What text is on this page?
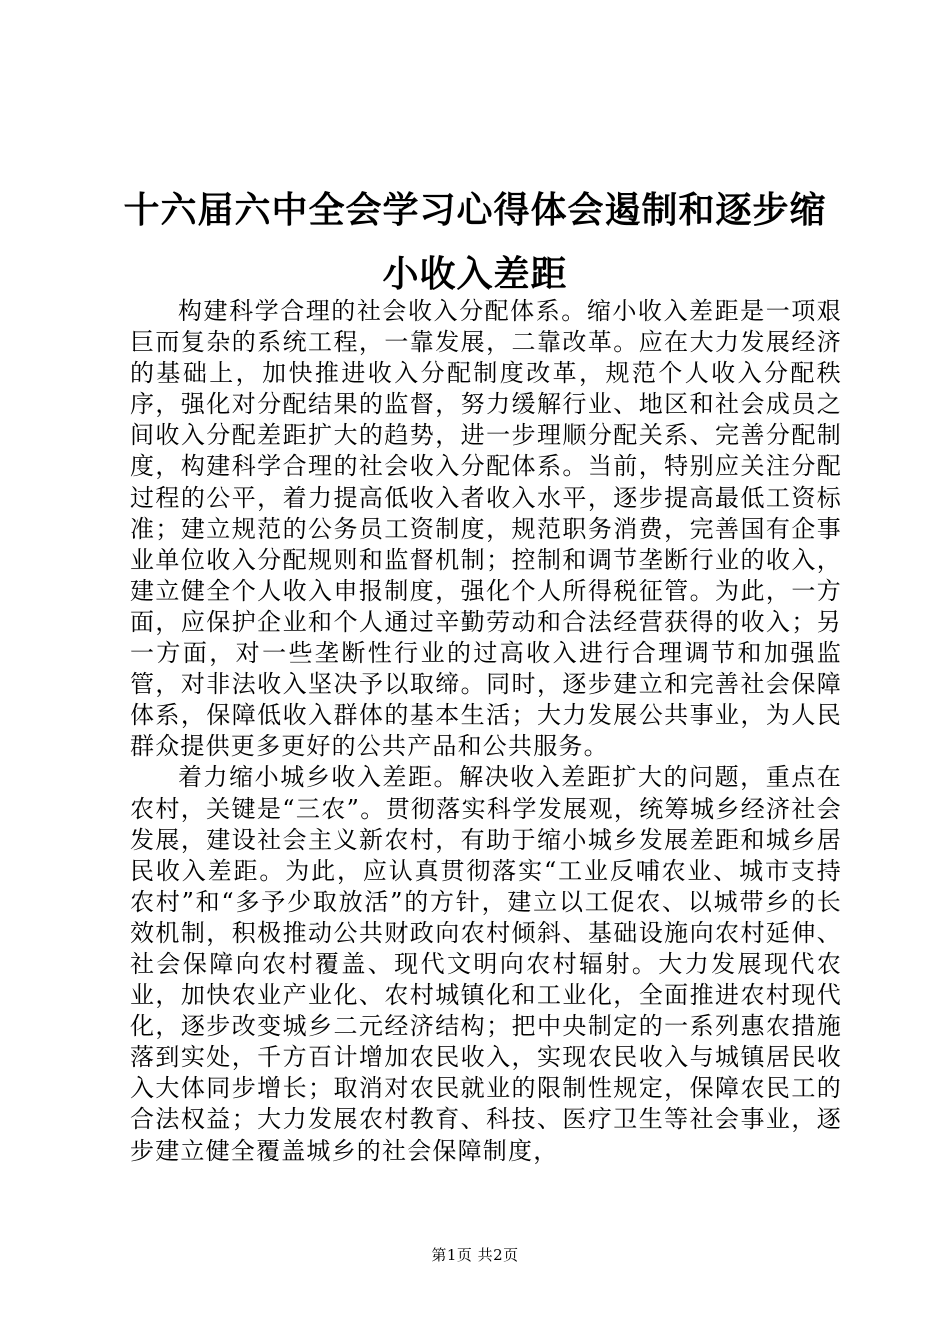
十六届六中全会学习心得体会遏制和逐步缩小收入差距

构建科学合理的社会收入分配体系。缩小收入差距是一项艰巨而复杂的系统工程，一靠发展，二靠改革。应在大力发展经济的基础上，加快推进收入分配制度改革，规范个人收入分配秩序，强化对分配结果的监督，努力缓解行业、地区和社会成员之间收入分配差距扩大的趋势，进一步理顺分配关系、完善分配制度，构建科学合理的社会收入分配体系。当前，特别应关注分配过程的公平，着力提高低收入者收入水平，逐步提高最低工资标准；建立规范的公务员工资制度，规范职务消费，完善国有企事业单位收入分配规则和监督机制；控制和调节垄断行业的收入，建立健全个人收入申报制度，强化个人所得税征管。为此，一方面，应保护企业和个人通过辛勤劳动和合法经营获得的收入；另一方面，对一些垄断性行业的过高收入进行合理调节和加强监管，对非法收入坚决予以取缔。同时，逐步建立和完善社会保障体系，保障低收入群体的基本生活；大力发展公共事业，为人民群众提供更多更好的公共产品和公共服务。

着力缩小城乡收入差距。解决收入差距扩大的问题，重点在农村，关键是“三农”。贯彻落实科学发展观，统筹城乡经济社会发展，建设社会主义新农村，有助于缩小城乡发展差距和城乡居民收入差距。为此，应认真贯彻落实“工业反哺农业、城市支持农村”和“多予少取放活”的方针，建立以工促农、以城带乡的长效机制，积极推动公共财政向农村倾斜、基础设施向农村延伸、社会保障向农村覆盖、现代文明向农村辐射。大力发展现代农业，加快农业产业化、农村城镇化和工业化，全面推进农村现代化，逐步改变城乡二元经济结构；把中央制定的一系列惠农措施落到实处，千方百计增加农民收入，实现农民收入与城镇居民收入大体同步增长；取消对农民就业的限制性规定，保障农民工的合法权益；大力发展农村教育、科技、医疗卫生等社会事业，逐步建立健全覆盖城乡的社会保障制度，

第1页 共2页
